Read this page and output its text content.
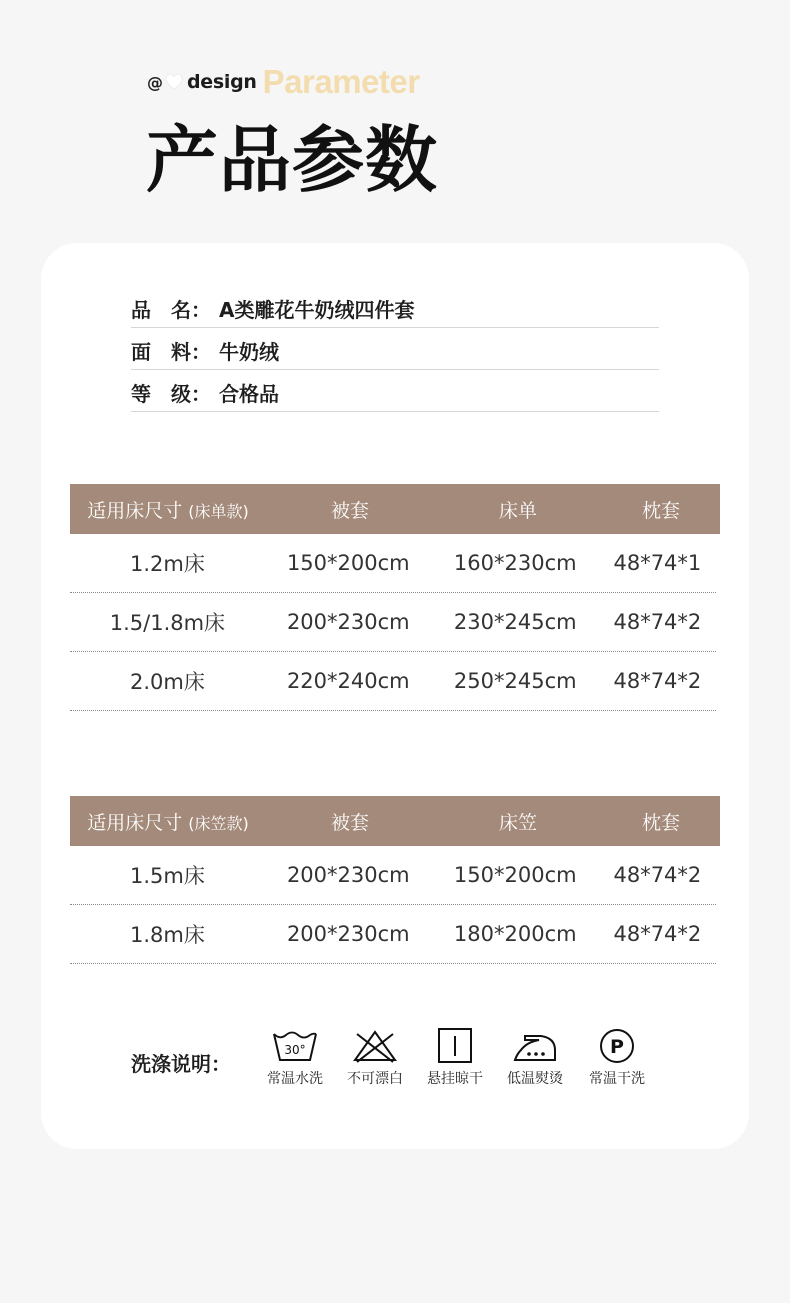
@ design Parameter
产品参数
品　名： A类雕花牛奶绒四件套
面　料： 牛奶绒
等　级： 合格品
适用床尺寸 (床单款)	被套	床单	枕套
1.2m床	150*200cm	160*230cm	48*74*1
1.5/1.8m床	200*230cm	230*245cm	48*74*2
2.0m床	220*240cm	250*245cm	48*74*2
适用床尺寸 (床笠款)	被套	床笠	枕套
1.5m床	200*230cm	150*200cm	48*74*2
1.8m床	200*230cm	180*200cm	48*74*2
洗涤说明：
30°
常温水洗	不可漂白	悬挂晾干	低温熨烫
P
常温干洗
